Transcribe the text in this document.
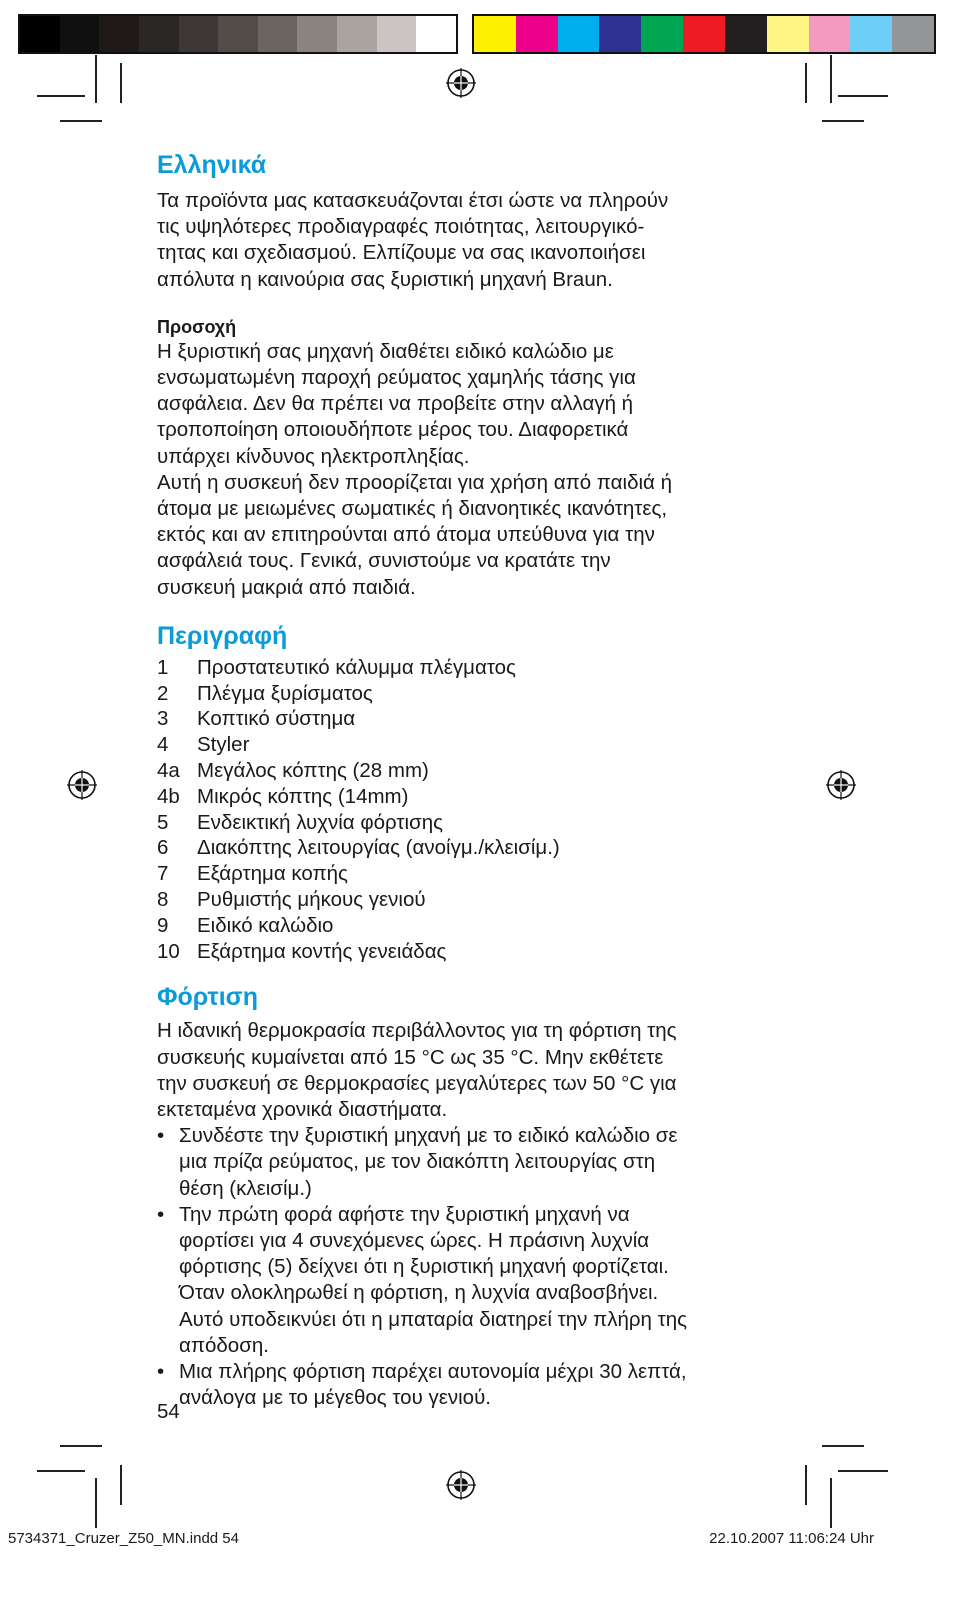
Ελληνικά

Τα προϊόντα μας κατασκευάζονται έτσι ώστε να πληρούν

τις υψηλότερες προδιαγραφές ποιότητας, λειτουργικό-

τητας και σχεδιασμού. Ελπίζουμε να σας ικανοποιήσει

απόλυτα η καινούρια σας ξυριστική μηχανή Braun.

Προσοχή

Η ξυριστική σας μηχανή διαθέτει ειδικό καλώδιο με

ενσωματωμένη παροχή ρεύματος χαμηλής τάσης για

ασφάλεια. Δεν θα πρέπει να προβείτε στην αλλαγή ή

τροποποίηση οποιουδήποτε μέρος του. Διαφορετικά

υπάρχει κίνδυνος ηλεκτροπληξίας.

Αυτή η συσκευή δεν προορίζεται για χρήση από παιδιά ή

άτομα με μειωμένες σωματικές ή διανοητικές ικανότητες,

εκτός και αν επιτηρούνται από άτομα υπεύθυνα για την

ασφάλειά τους. Γενικά, συνιστούμε να κρατάτε την

συσκευή μακριά από παιδιά.

Περιγραφή
1	Προστατευτικό κάλυμμα πλέγματος
2	Πλέγμα ξυρίσματος
3	Κοπτικό σύστημα
4	Styler
4a Μεγάλος κόπτης (28 mm)
4b Μικρός κόπτης (14mm)
5	Ενδεικτική λυχνία φόρτισης
6	Διακόπτης λειτουργίας (ανοίγμ./κλεισίμ.)
7	Εξάρτημα κοπής
8	Ρυθμιστής μήκους γενιού
9	Ειδικό καλώδιο
10 Εξάρτημα κοντής γενειάδας
Φόρτιση

Η ιδανική θερμοκρασία περιβάλλοντος για τη φόρτιση της

συσκευής κυμαίνεται από 15 °C ως 35 °C. Μην εκθέτετε

την συσκευή σε θερμοκρασίες μεγαλύτερες των 50 °C για

εκτεταμένα χρονικά διαστήματα.

• Συνδέστε την ξυριστική μηχανή με το ειδικό καλώδιο σε

μια πρίζα ρεύματος, με τον διακόπτη λειτουργίας στη

θέση (κλεισίμ.)

• Την πρώτη φορά αφήστε την ξυριστική μηχανή να

φορτίσει για 4 συνεχόμενες ώρες. Η πράσινη λυχνία

φόρτισης (5) δείχνει ότι η ξυριστική μηχανή φορτίζεται.

Όταν ολοκληρωθεί η φόρτιση, η λυχνία αναβοσβήνει.

Αυτό υποδεικνύει ότι η μπαταρία διατηρεί την πλήρη της

απόδοση.

• Μια πλήρης φόρτιση παρέχει αυτονομία μέχρι 30 λεπτά,

ανάλογα με το μέγεθος του γενιού.

54
5734371_Cruzer_Z50_MN.indd 54	22.10.2007 11:06:24 Uhr
